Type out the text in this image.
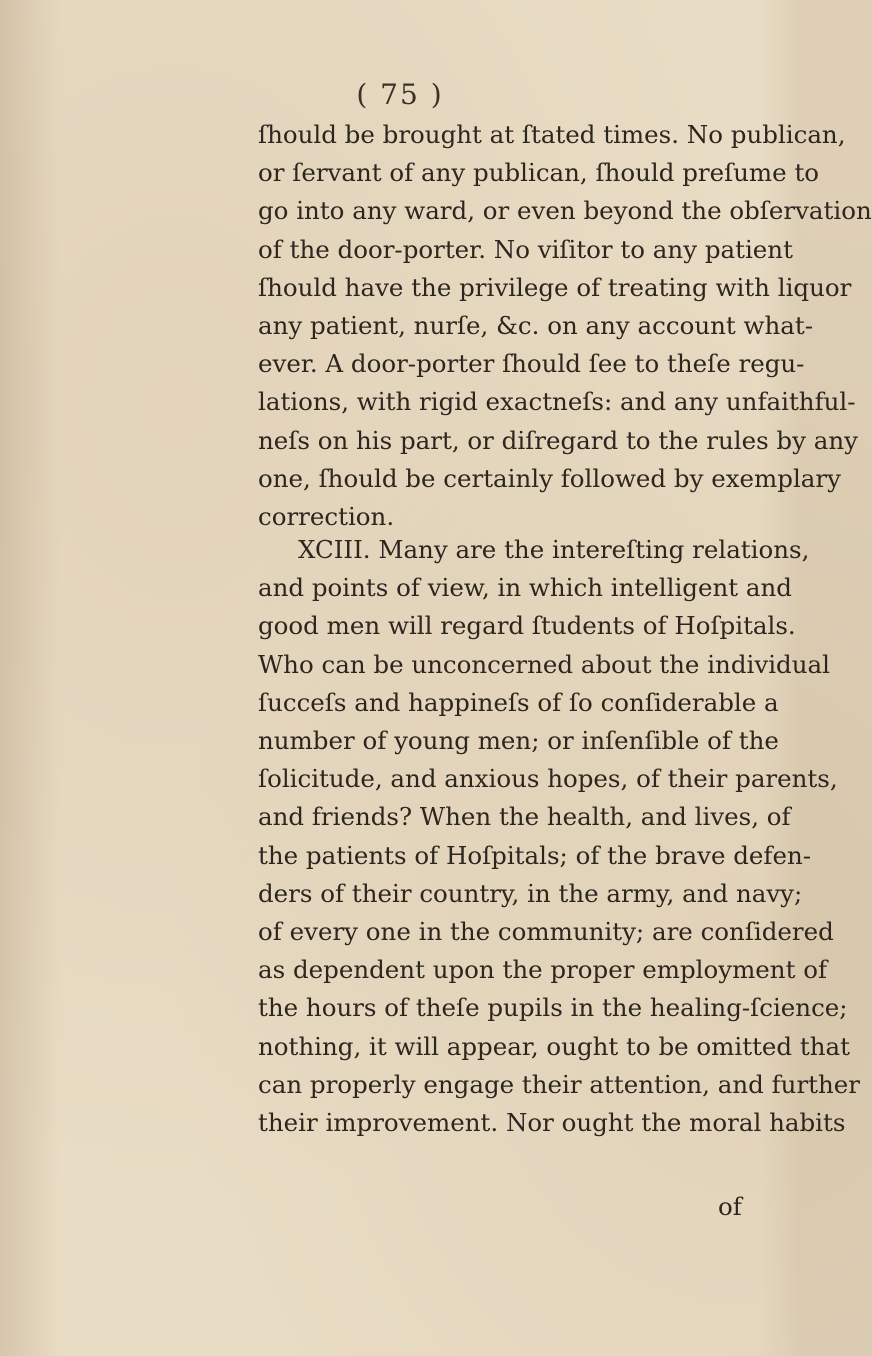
( 75 )
ſhould be brought at ſtated times. No publican,
or ſervant of any publican, ſhould preſume to
go into any ward, or even beyond the obſervation
of the door-porter. No viſitor to any patient
ſhould have the privilege of treating with liquor
any patient, nurſe, &c. on any account what-
ever. A door-porter ſhould ſee to theſe regu-
lations, with rigid exactneſs: and any unfaithful-
neſs on his part, or diſregard to the rules by any
one, ſhould be certainly followed by exemplary
correction.
XCIII. Many are the intereſting relations,
and points of view, in which intelligent and
good men will regard ſtudents of Hoſpitals.
Who can be unconcerned about the individual
ſucceſs and happineſs of ſo conſiderable a
number of young men; or inſenſible of the
ſolicitude, and anxious hopes, of their parents,
and friends? When the health, and lives, of
the patients of Hoſpitals; of the brave defen-
ders of their country, in the army, and navy;
of every one in the community; are conſidered
as dependent upon the proper employment of
the hours of theſe pupils in the healing-ſcience;
nothing, it will appear, ought to be omitted that
can properly engage their attention, and further
their improvement. Nor ought the moral habits
of
